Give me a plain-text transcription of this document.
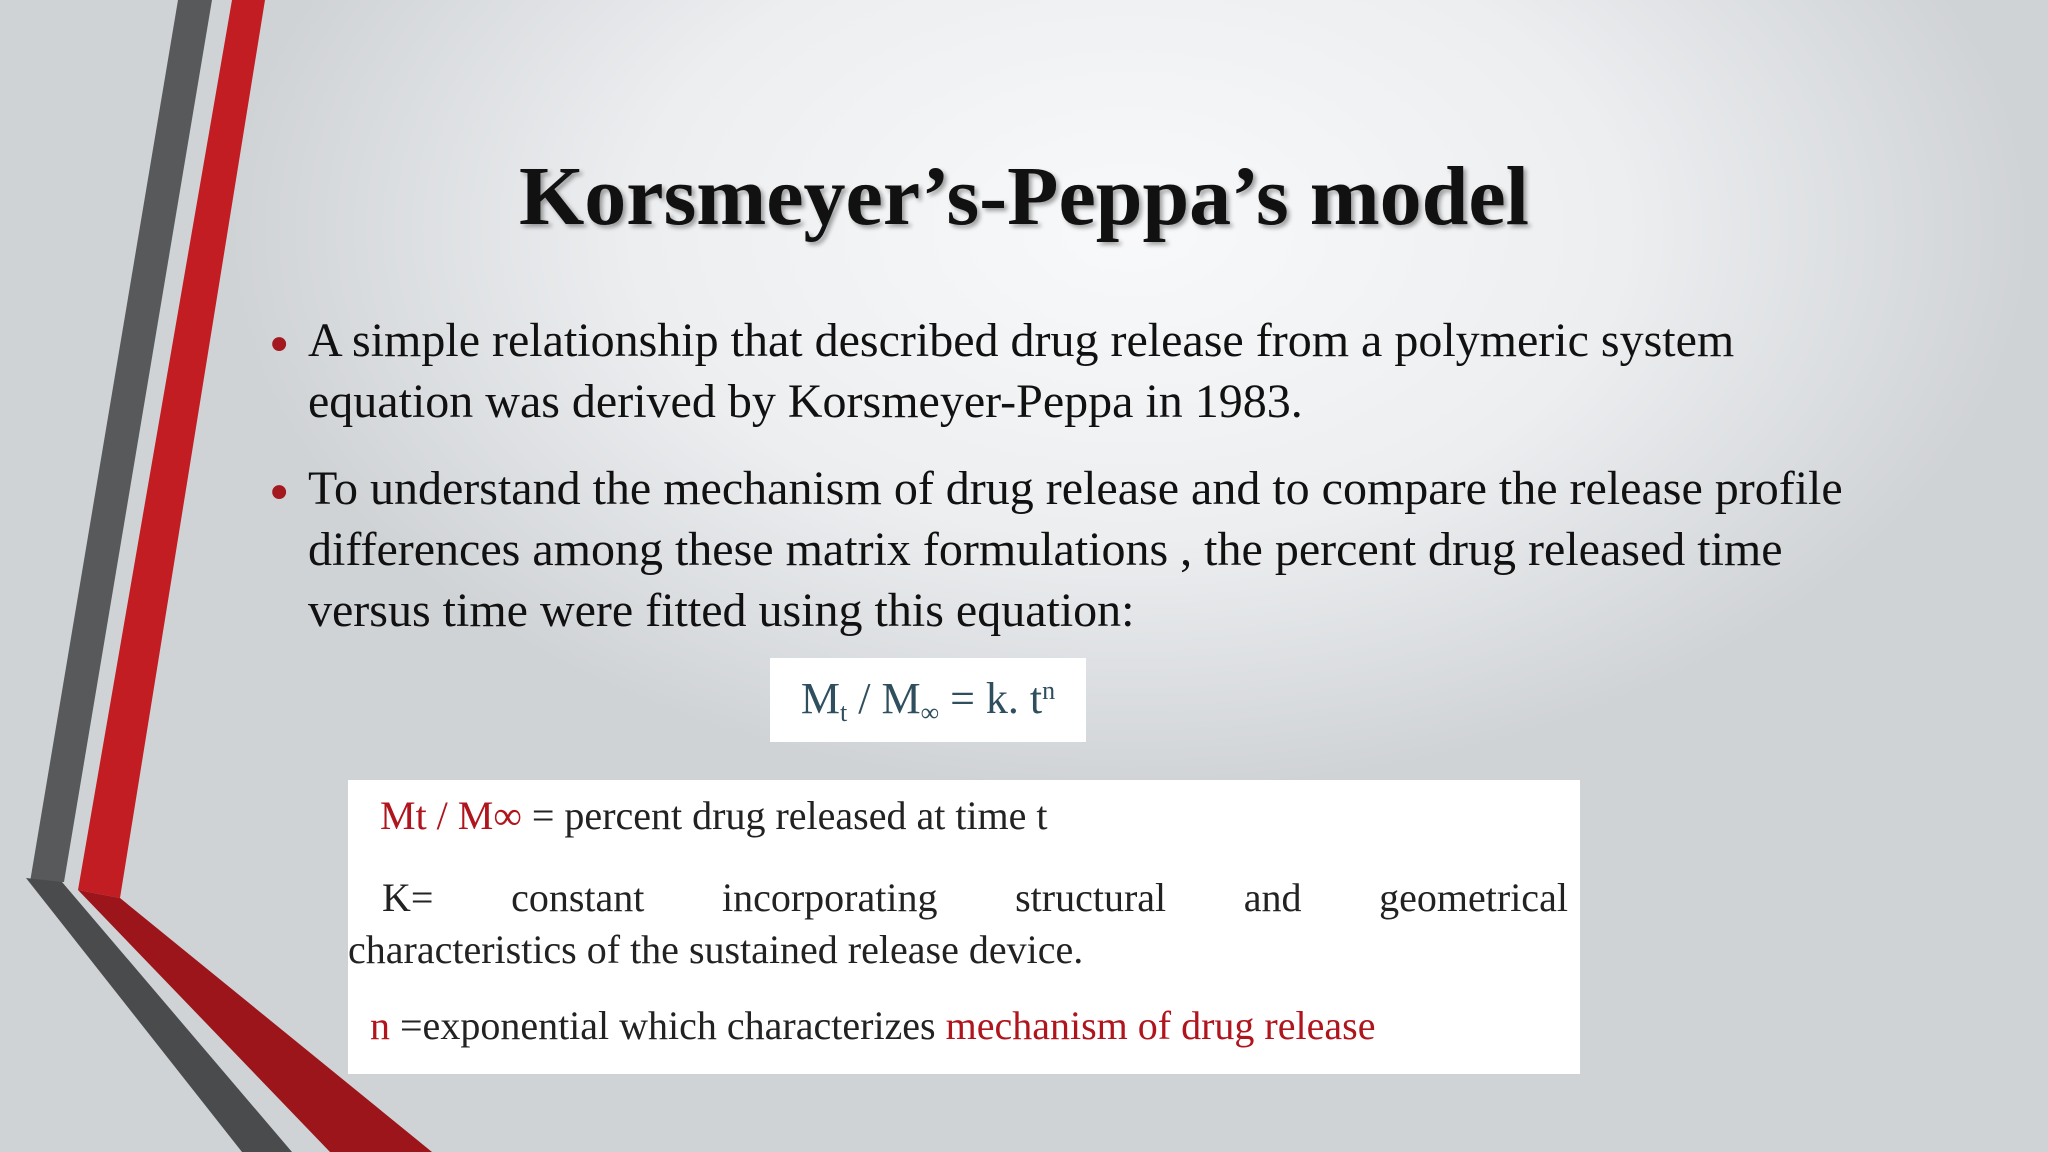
Korsmeyer’s-Peppa’s model
• A simple relationship that described drug release from a polymeric system equation was derived by Korsmeyer-Peppa in 1983.
• To understand the mechanism of drug release and to compare the release profile differences among these matrix formulations , the percent drug released time versus time were fitted using this equation:
$M_t / M_\infty = k$. $t^n$
Mt / M∞ = percent drug released at time t
K= constant incorporating structural and geometrical
characteristics of the sustained release device.
n =exponential which characterizes mechanism of drug release
